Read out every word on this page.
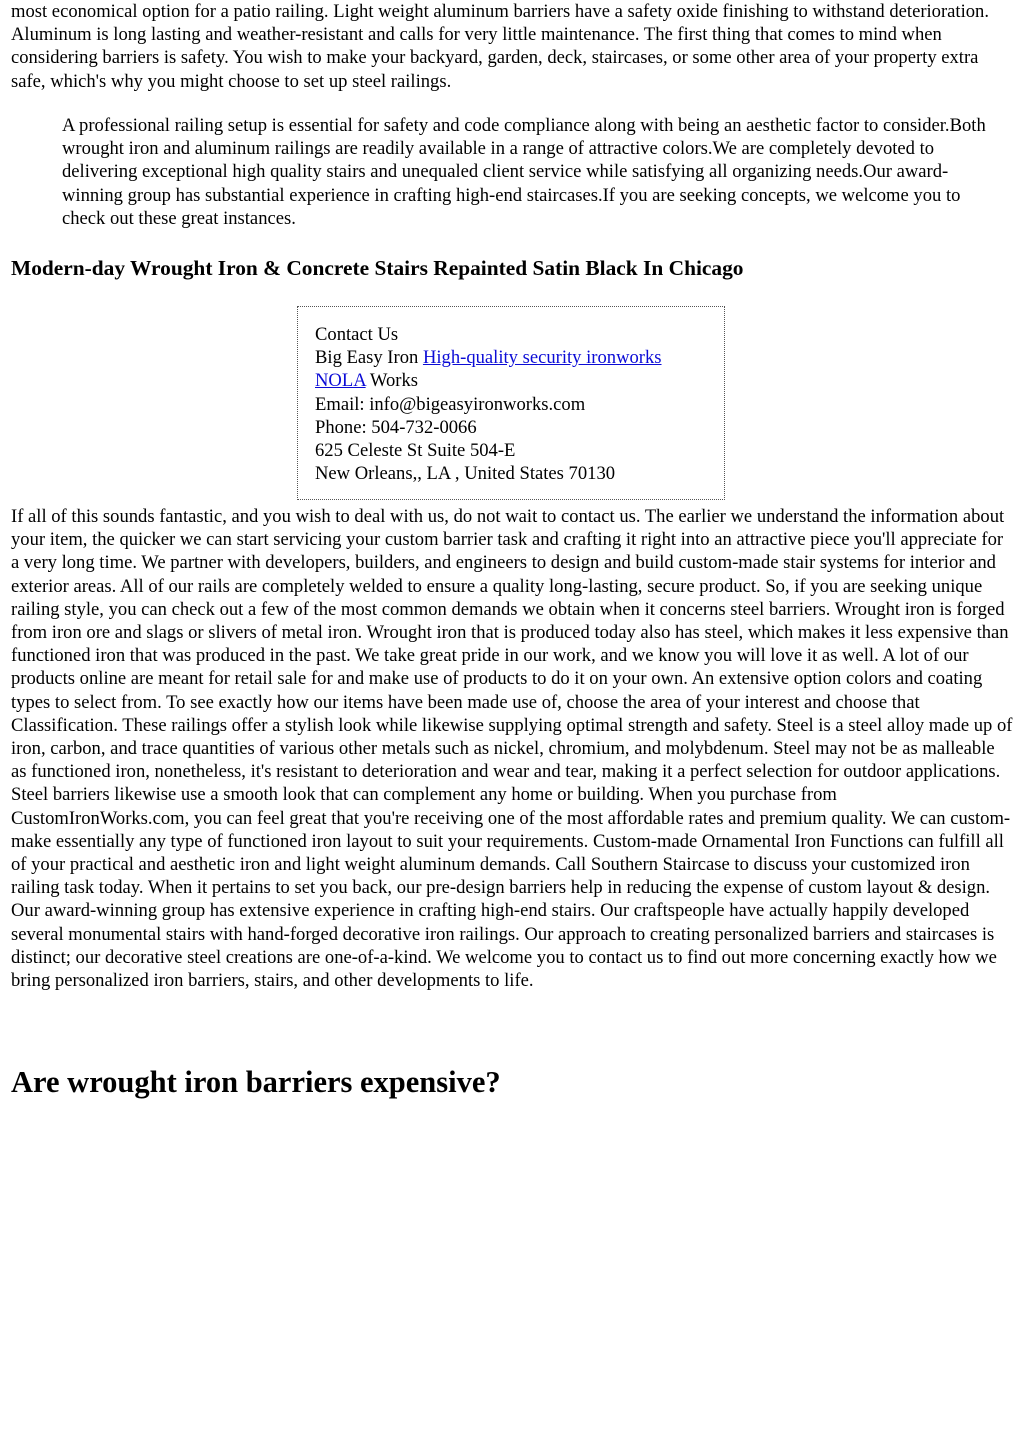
most economical option for a patio railing. Light weight aluminum barriers have a safety oxide finishing to withstand deterioration. Aluminum is long lasting and weather-resistant and calls for very little maintenance. The first thing that comes to mind when considering barriers is safety. You wish to make your backyard, garden, deck, staircases, or some other area of your property extra safe, which's why you might choose to set up steel railings.

A professional railing setup is essential for safety and code compliance along with being an aesthetic factor to consider.Both wrought iron and aluminum railings are readily available in a range of attractive colors.We are completely devoted to delivering exceptional high quality stairs and unequaled client service while satisfying all organizing needs.Our award-winning group has substantial experience in crafting high-end staircases.If you are seeking concepts, we welcome you to check out these great instances.
Modern-day Wrought Iron & Concrete Stairs Repainted Satin Black In Chicago
Contact Us
Big Easy Iron High-quality security ironworks
NOLA Works
Email: info@bigeasyironworks.com
Phone: 504-732-0066
625 Celeste St Suite 504-E
New Orleans,, LA , United States 70130

If all of this sounds fantastic, and you wish to deal with us, do not wait to contact us. The earlier we understand the information about your item, the quicker we can start servicing your custom barrier task and crafting it right into an attractive piece you'll appreciate for a very long time. We partner with developers, builders, and engineers to design and build custom-made stair systems for interior and exterior areas. All of our rails are completely welded to ensure a quality long-lasting, secure product. So, if you are seeking unique railing style, you can check out a few of the most common demands we obtain when it concerns steel barriers. Wrought iron is forged from iron ore and slags or slivers of metal iron. Wrought iron that is produced today also has steel, which makes it less expensive than functioned iron that was produced in the past. We take great pride in our work, and we know you will love it as well. A lot of our products online are meant for retail sale for and make use of products to do it on your own. An extensive option colors and coating types to select from. To see exactly how our items have been made use of, choose the area of your interest and choose that Classification. These railings offer a stylish look while likewise supplying optimal strength and safety. Steel is a steel alloy made up of iron, carbon, and trace quantities of various other metals such as nickel, chromium, and molybdenum. Steel may not be as malleable as functioned iron, nonetheless, it's resistant to deterioration and wear and tear, making it a perfect selection for outdoor applications. Steel barriers likewise use a smooth look that can complement any home or building. When you purchase from CustomIronWorks.com, you can feel great that you're receiving one of the most affordable rates and premium quality. We can custom-make essentially any type of functioned iron layout to suit your requirements. Custom-made Ornamental Iron Functions can fulfill all of your practical and aesthetic iron and light weight aluminum demands. Call Southern Staircase to discuss your customized iron railing task today. When it pertains to set you back, our pre-design barriers help in reducing the expense of custom layout & design. Our award-winning group has extensive experience in crafting high-end stairs. Our craftspeople have actually happily developed several monumental stairs with hand-forged decorative iron railings. Our approach to creating personalized barriers and staircases is distinct; our decorative steel creations are one-of-a-kind. We welcome you to contact us to find out more concerning exactly how we bring personalized iron barriers, stairs, and other developments to life.

Are wrought iron barriers expensive?
